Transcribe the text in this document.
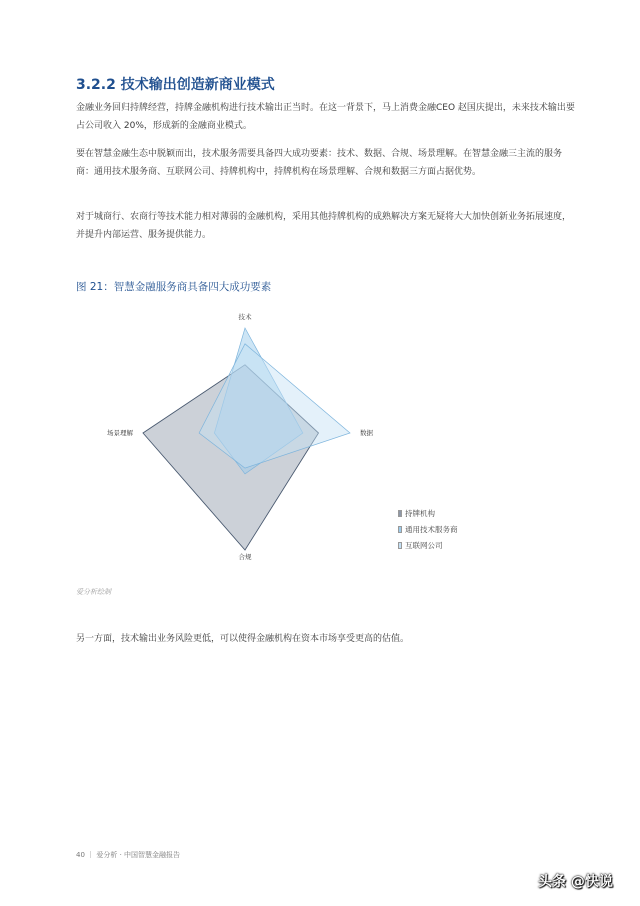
3.2.2 技术输出创造新商业模式

金融业务回归持牌经营，持牌金融机构进行技术输出正当时。在这一背景下，马上消费金融CEO 赵国庆提出，未来技术输出要占公司收入 20%，形成新的金融商业模式。

要在智慧金融生态中脱颖而出，技术服务需要具备四大成功要素：技术、数据、合规、场景理解。在智慧金融三主流的服务商：通用技术服务商、互联网公司、持牌机构中，持牌机构在场景理解、合规和数据三方面占据优势。

对于城商行、农商行等技术能力相对薄弱的金融机构，采用其他持牌机构的成熟解决方案无疑将大大加快创新业务拓展速度，并提升内部运营、服务提供能力。

图 21：智慧金融服务商具备四大成功要素
技术
数据
合规
场景理解
持牌机构
通用技术服务商
互联网公司
爱分析绘制

另一方面，技术输出业务风险更低，可以使得金融机构在资本市场享受更高的估值。

40 ｜ 爱分析 · 中国智慧金融报告
头条 @快说
